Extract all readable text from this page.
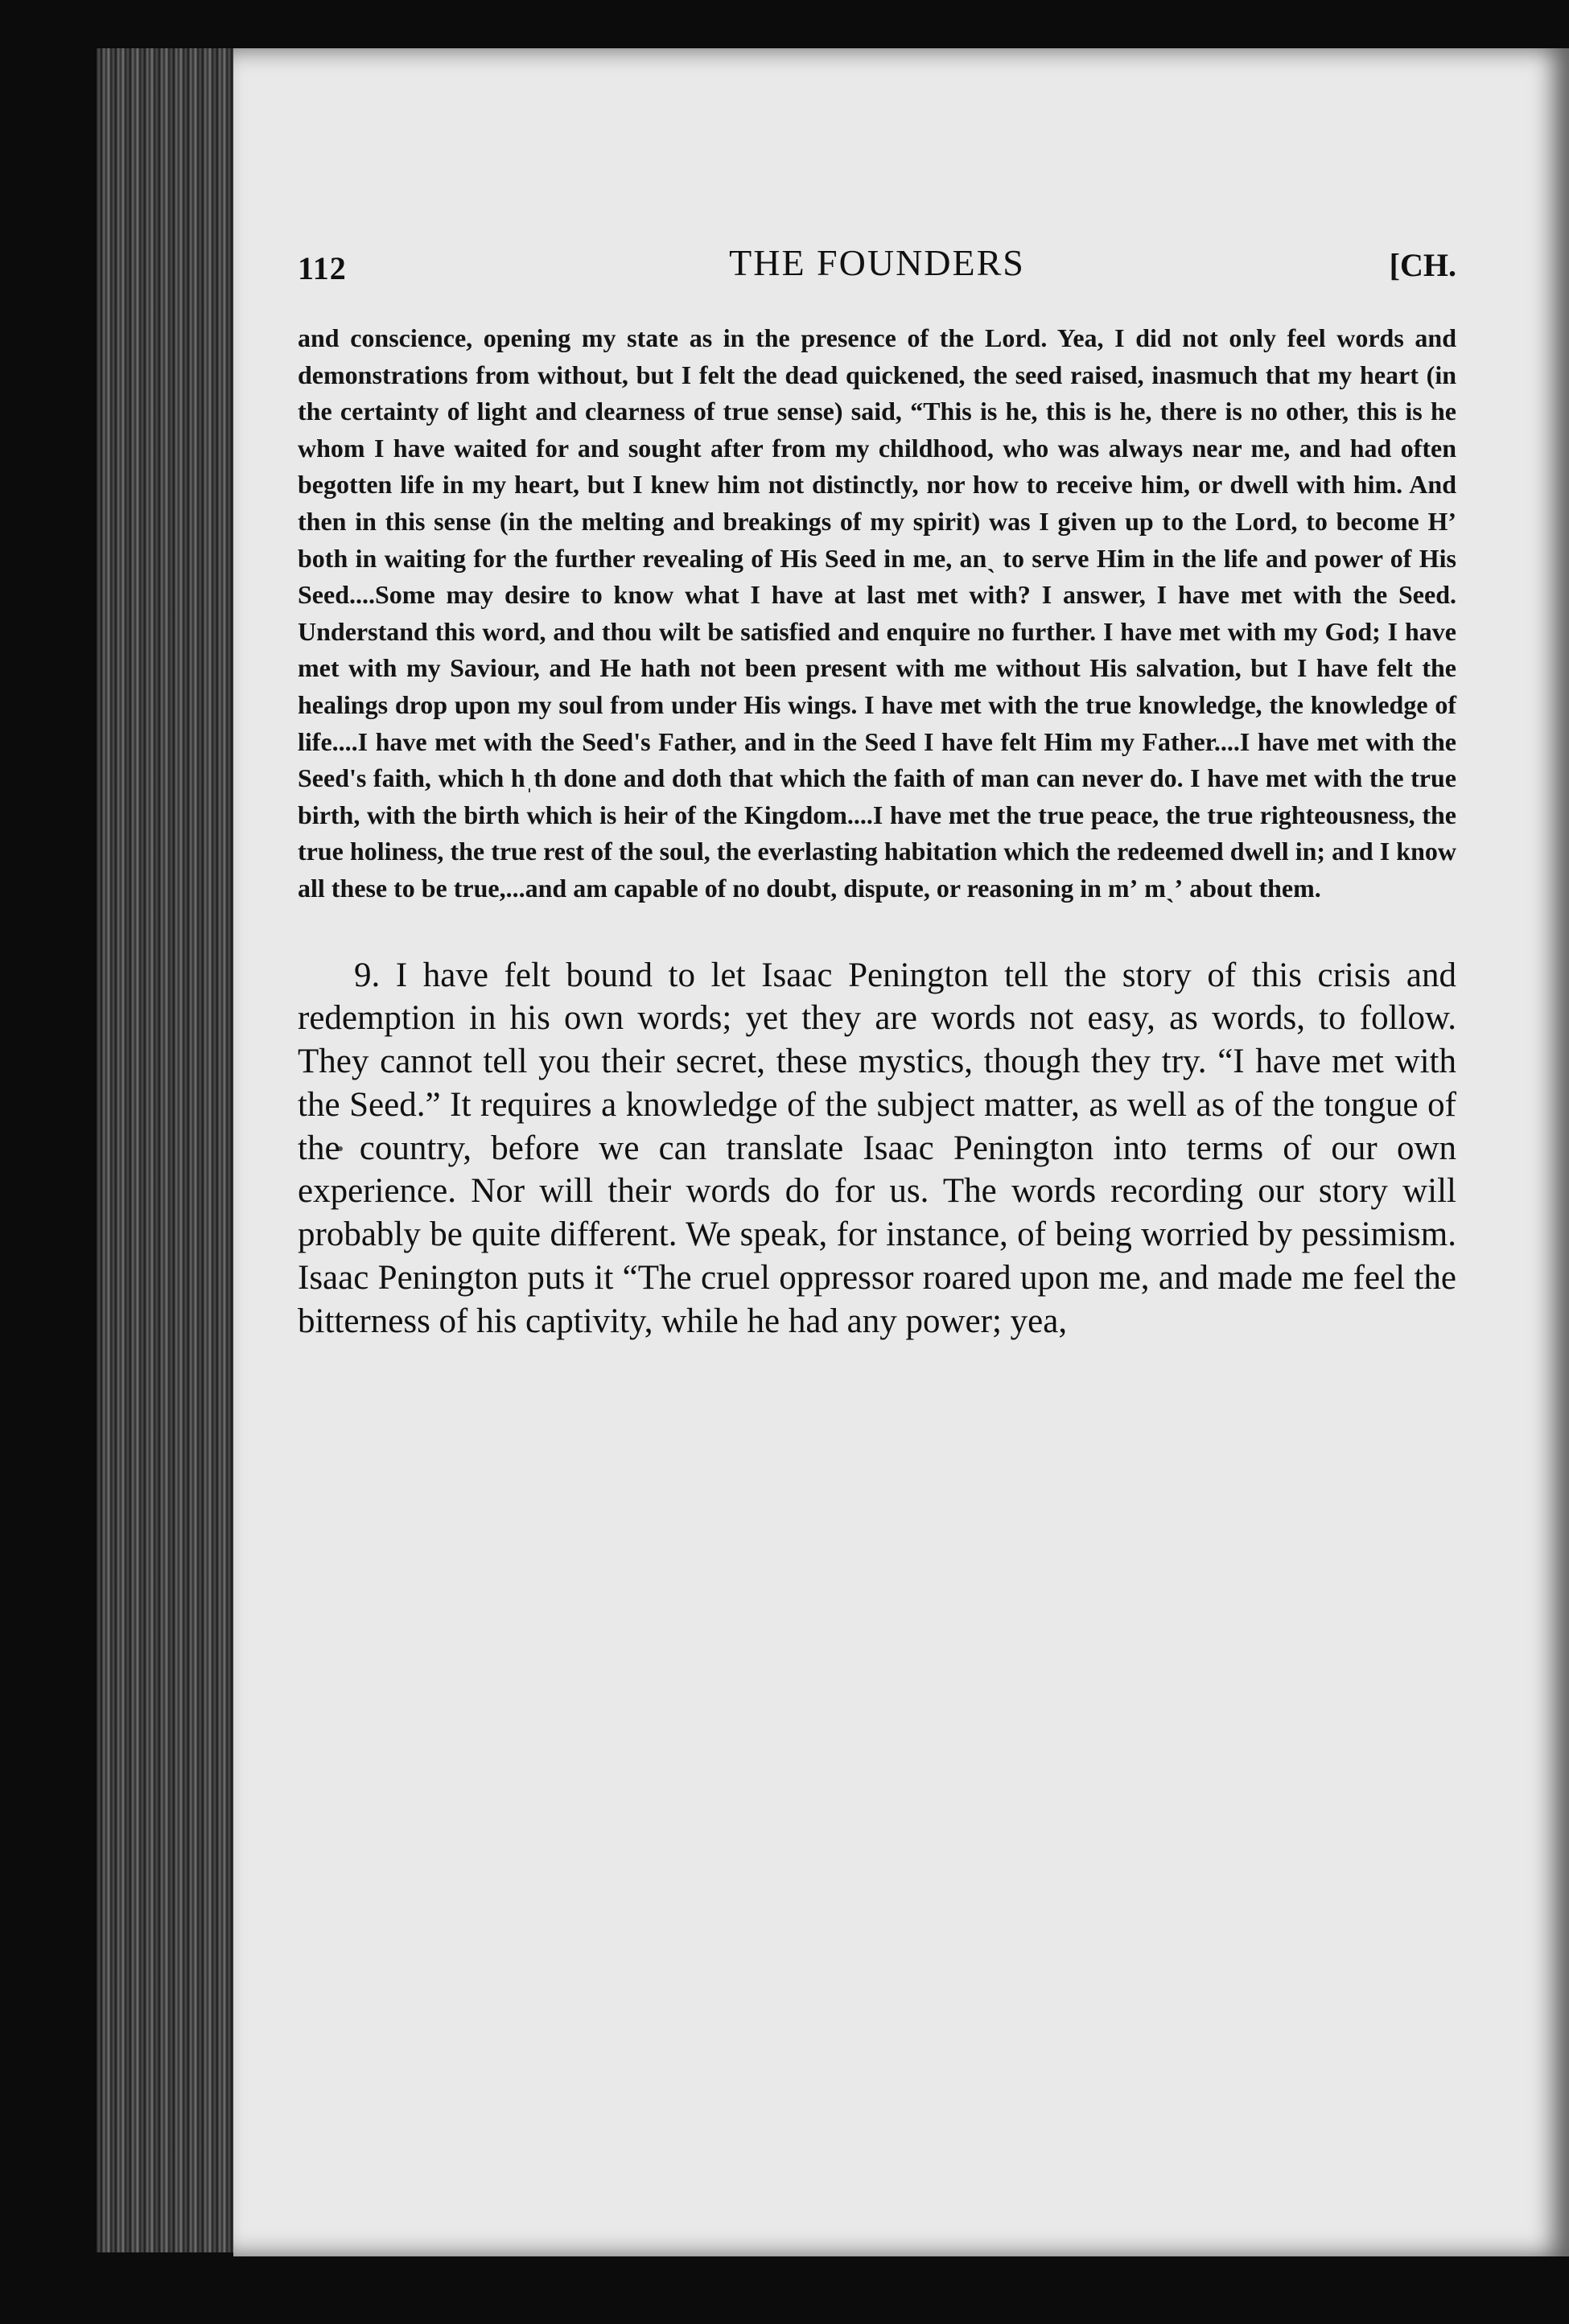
112	THE FOUNDERS	[CH.

and conscience, opening my state as in the presence of the Lord. Yea, I did not only feel words and demonstrations from without, but I felt the dead quickened, the seed raised, inasmuch that my heart (in the certainty of light and clearness of true sense) said, “This is he, this is he, there is no other, this is he whom I have waited for and sought after from my childhood, who was always near me, and had often begotten life in my heart, but I knew him not distinctly, nor how to receive him, or dwell with him. And then in this sense (in the melting and breakings of my spirit) was I given up to the Lord, to become H’ both in waiting for the further revealing of His Seed in me, anˎ to serve Him in the life and power of His Seed....Some may desire to know what I have at last met with? I answer, I have met with the Seed. Understand this word, and thou wilt be satisfied and enquire no further. I have met with my God; I have met with my Saviour, and He hath not been present with me without His salvation, but I have felt the healings drop upon my soul from under His wings. I have met with the true knowledge, the knowledge of life....I have met with the Seed's Father, and in the Seed I have felt Him my Father....I have met with the Seed's faith, which hˌth done and doth that which the faith of man can never do. I have met with the true birth, with the birth which is heir of the Kingdom....I have met the true peace, the true righteousness, the true holiness, the true rest of the soul, the everlasting habitation which the redeemed dwell in; and I know all these to be true,...and am capable of no doubt, dispute, or reasoning in mʼ mˎʼ about them.

9. I have felt bound to let Isaac Penington tell the story of this crisis and redemption in his own words; yet they are words not easy, as words, to follow. They cannot tell you their secret, these mystics, though they try. “I have met with the Seed.” It requires a knowledge of the subject matter, as well as of the tongue of the country, before we can translate Isaac Penington into terms of our own experience. Nor will their words do for us. The words recording our story will probably be quite different. We speak, for instance, of being worried by pessimism. Isaac Penington puts it “The cruel oppressor roared upon me, and made me feel the bitterness of his captivity, while he had any power; yea,
